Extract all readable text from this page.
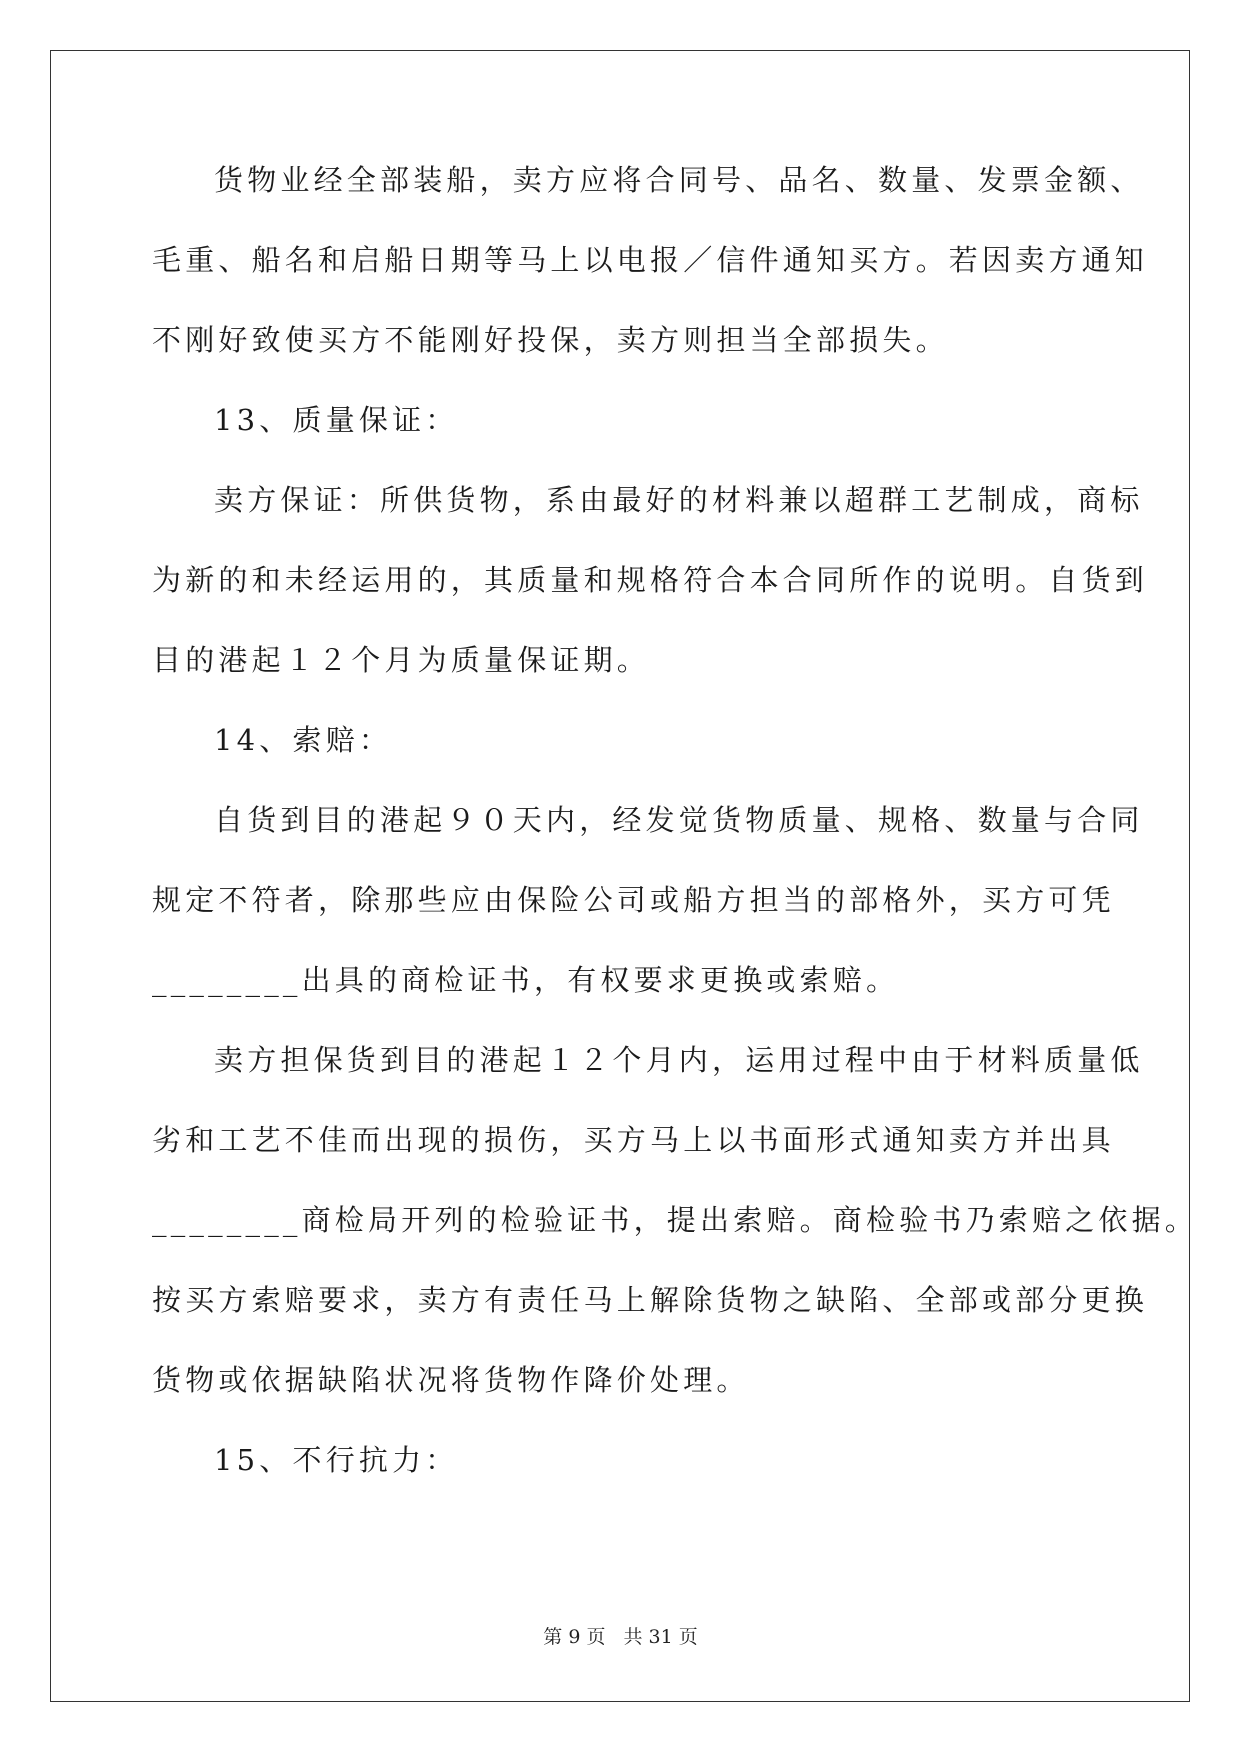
货物业经全部装船，卖方应将合同号、品名、数量、发票金额、
毛重、船名和启船日期等马上以电报／信件通知买方。若因卖方通知
不刚好致使买方不能刚好投保，卖方则担当全部损失。
13、质量保证：
卖方保证：所供货物，系由最好的材料兼以超群工艺制成，商标
为新的和未经运用的，其质量和规格符合本合同所作的说明。自货到
目的港起１２个月为质量保证期。
14、索赔：
自货到目的港起９０天内，经发觉货物质量、规格、数量与合同
规定不符者，除那些应由保险公司或船方担当的部格外，买方可凭
________出具的商检证书，有权要求更换或索赔。
卖方担保货到目的港起１２个月内，运用过程中由于材料质量低
劣和工艺不佳而出现的损伤，买方马上以书面形式通知卖方并出具
________商检局开列的检验证书，提出索赔。商检验书乃索赔之依据。
按买方索赔要求，卖方有责任马上解除货物之缺陷、全部或部分更换
货物或依据缺陷状况将货物作降价处理。
15、不行抗力：
第 9 页 共 31 页
